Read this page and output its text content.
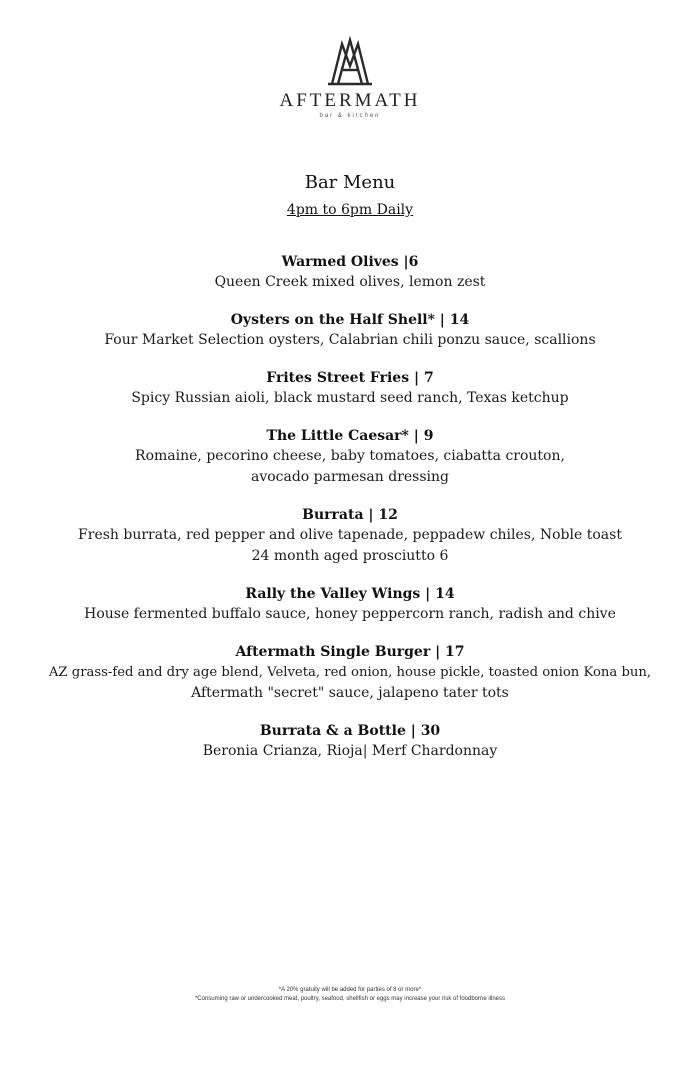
AFTERMATH
bar & kitchen
Bar Menu
4pm to 6pm Daily
Warmed Olives |6
Queen Creek mixed olives, lemon zest
Oysters on the Half Shell* | 14
Four Market Selection oysters, Calabrian chili ponzu sauce, scallions
Frites Street Fries | 7
Spicy Russian aioli, black mustard seed ranch, Texas ketchup
The Little Caesar* | 9
Romaine, pecorino cheese, baby tomatoes, ciabatta crouton,
avocado parmesan dressing
Burrata | 12
Fresh burrata, red pepper and olive tapenade, peppadew chiles, Noble toast
24 month aged prosciutto 6
Rally the Valley Wings | 14
House fermented buffalo sauce, honey peppercorn ranch, radish and chive
Aftermath Single Burger | 17
AZ grass-fed and dry age blend, Velveta, red onion, house pickle, toasted onion Kona bun,
Aftermath "secret" sauce, jalapeno tater tots
Burrata & a Bottle | 30
Beronia Crianza, Rioja| Merf Chardonnay
*A 20% gratuity will be added for parties of 8 or more*
*Consuming raw or undercooked meat, poultry, seafood, shellfish or eggs may increase your risk of foodborne illness
